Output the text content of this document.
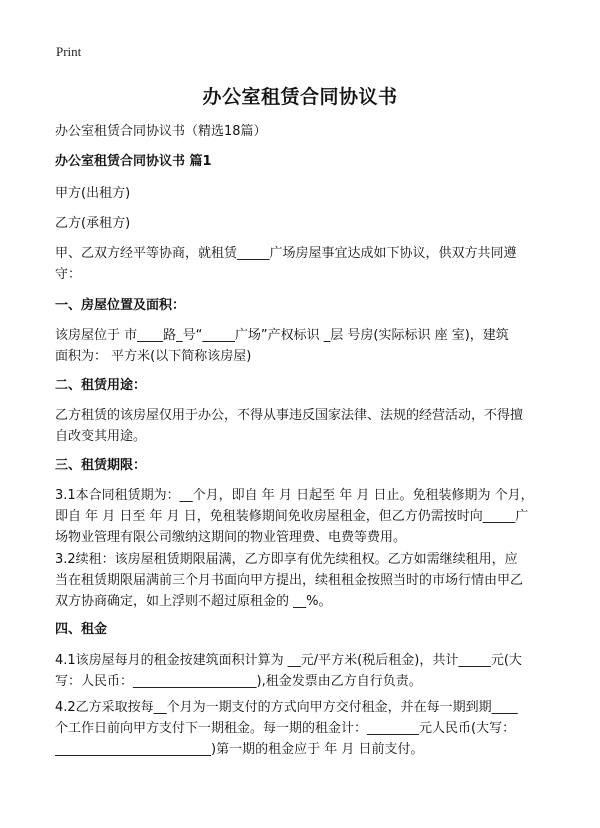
Print
办公室租赁合同协议书
办公室租赁合同协议书（精选18篇）
办公室租赁合同协议书 篇1
甲方(出租方)
乙方(承租方)
甲、乙双方经平等协商，就租赁_____广场房屋事宜达成如下协议，供双方共同遵
守：
一、房屋位置及面积：
该房屋位于 市____路_号“_____广场”产权标识 _层 号房(实际标识 座 室)，建筑
面积为： 平方米(以下简称该房屋)
二、租赁用途：
乙方租赁的该房屋仅用于办公，不得从事违反国家法律、法规的经营活动，不得擅
自改变其用途。
三、租赁期限：
3.1本合同租赁期为：__个月，即自 年 月 日起至 年 月 日止。免租装修期为 个月，
即自 年 月 日至 年 月 日，免租装修期间免收房屋租金，但乙方仍需按时向_____广
场物业管理有限公司缴纳这期间的物业管理费、电费等费用。
3.2续租：该房屋租赁期限届满，乙方即享有优先续租权。乙方如需继续租用，应
当在租赁期限届满前三个月书面向甲方提出，续租租金按照当时的市场行情由甲乙
双方协商确定，如上浮则不超过原租金的 __%。
四、租金
4.1该房屋每月的租金按建筑面积计算为 __元/平方米(税后租金)，共计_____元(大
写：人民币：___________________),租金发票由乙方自行负责。
4.2乙方采取按每__个月为一期支付的方式向甲方交付租金，并在每一期到期____
个工作日前向甲方支付下一期租金。每一期的租金计：________元人民币(大写：
________________________)第一期的租金应于 年 月 日前支付。
